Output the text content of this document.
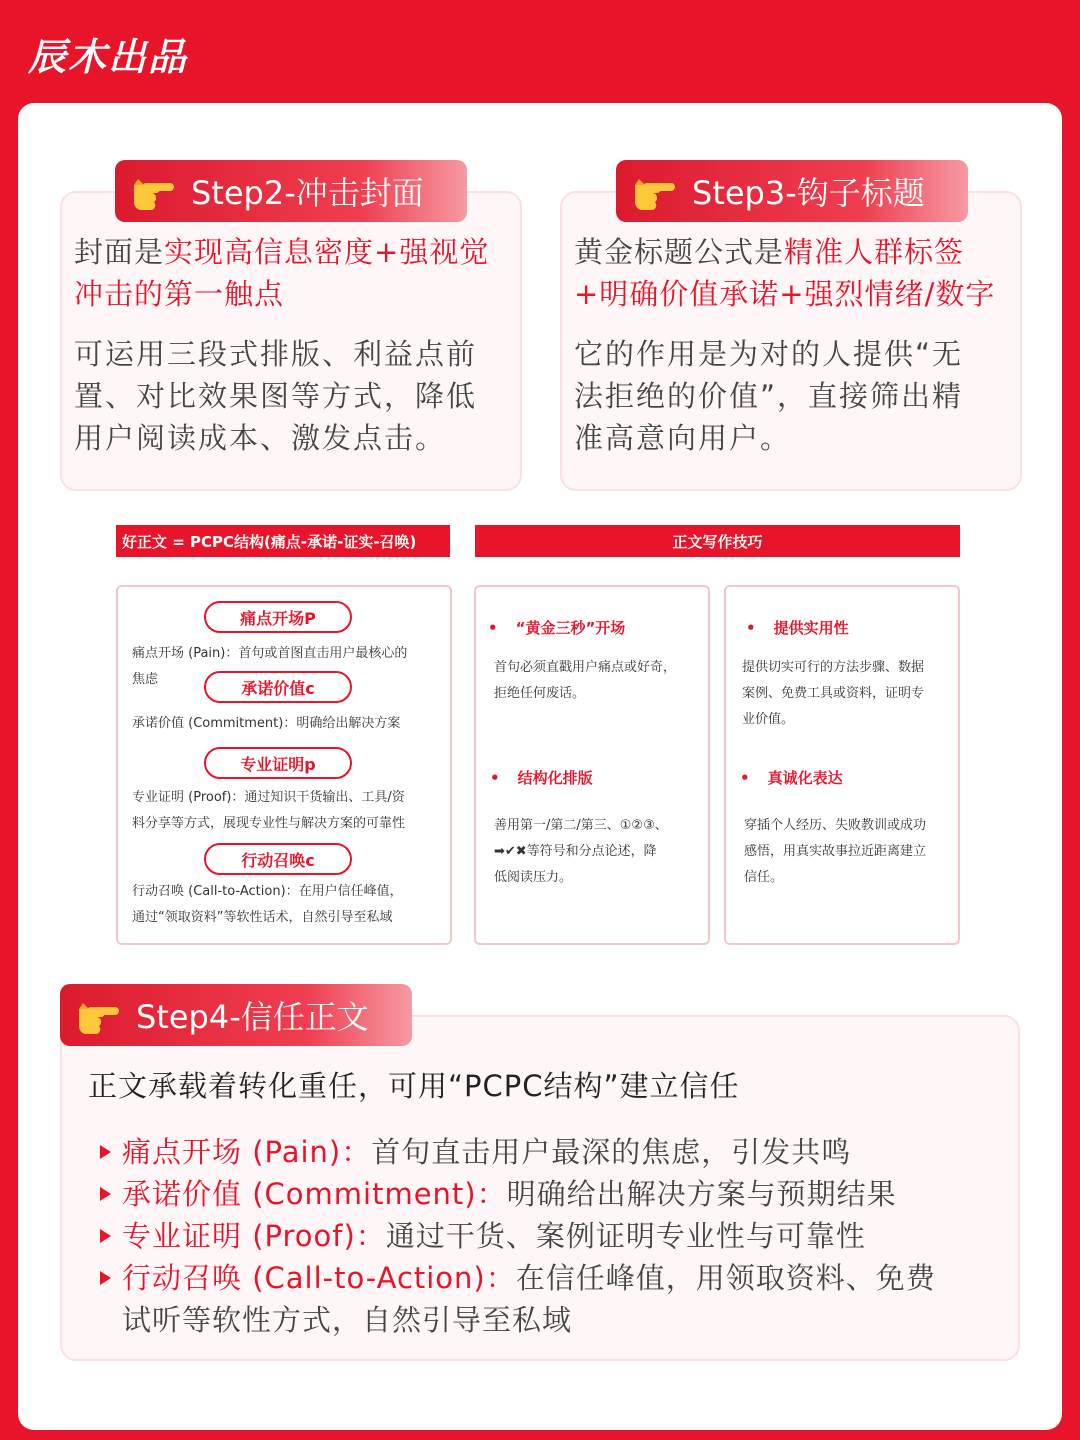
辰木出品
封面是实现高信息密度+强视觉
冲击的第一触点
可运用三段式排版、利益点前
置、对比效果图等方式，降低
用户阅读成本、激发点击。
Step2-冲击封面
黄金标题公式是精准人群标签
+明确价值承诺+强烈情绪/数字
它的作用是为对的人提供“无
法拒绝的价值”，直接筛出精
准高意向用户。
Step3-钩子标题
好正文 = PCPC结构(痛点-承诺-证实-召唤)
痛点开场P
痛点开场 (Pain)：首句或首图直击用户最核心的
焦虑	承诺价值c
承诺价值 (Commitment)：明确给出解决方案
专业证明p
专业证明 (Proof)：通过知识干货输出、工具/资
料分享等方式，展现专业性与解决方案的可靠性
行动召唤c
行动召唤 (Call-to-Action)：在用户信任峰值，
通过“领取资料”等软性话术，自然引导至私域
正文写作技巧
• “黄金三秒”开场
首句必须直戳用户痛点或好奇，
拒绝任何废话。
• 结构化排版
善用第一/第二/第三、①②③、
➡✔✖等符号和分点论述，降
低阅读压力。
• 提供实用性
提供切实可行的方法步骤、数据
案例、免费工具或资料，证明专
业价值。
• 真诚化表达
穿插个人经历、失败教训或成功
感悟，用真实故事拉近距离建立
信任。
正文承载着转化重任，可用“PCPC结构”建立信任
痛点开场 (Pain)：首句直击用户最深的焦虑，引发共鸣
承诺价值 (Commitment)：明确给出解决方案与预期结果
专业证明 (Proof)：通过干货、案例证明专业性与可靠性
行动召唤 (Call-to-Action)：在信任峰值，用领取资料、免费
试听等软性方式，自然引导至私域
Step4-信任正文
